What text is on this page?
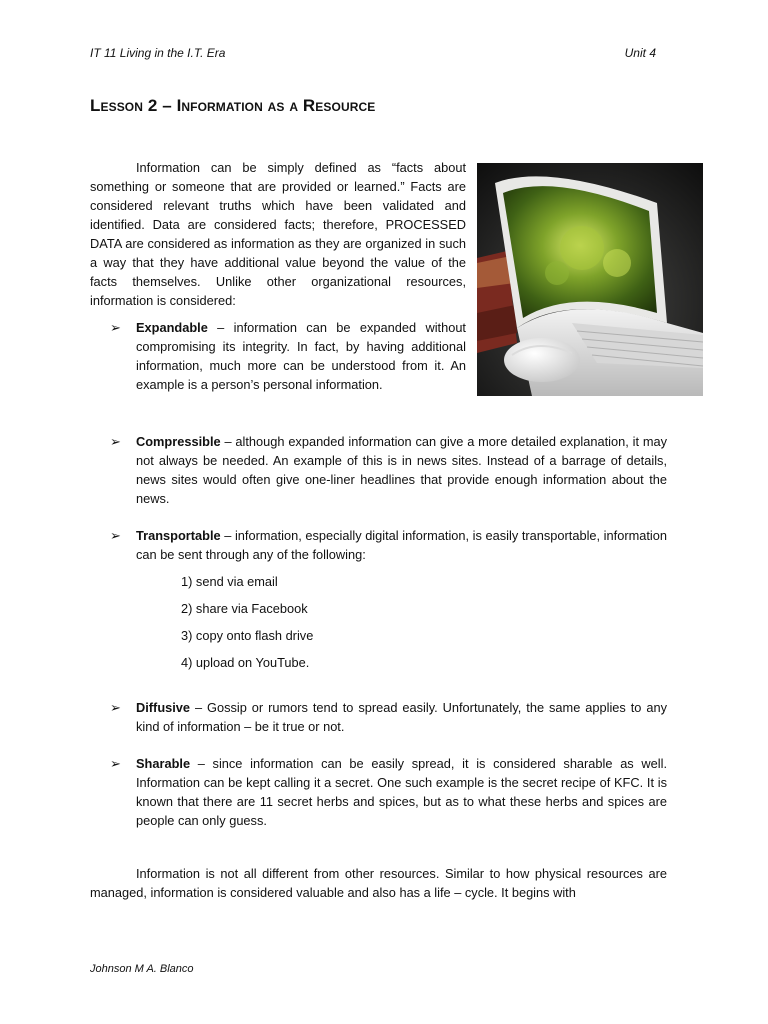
IT 11 Living in the I.T. Era	Unit 4
Lesson 2 – Information as a Resource

Information can be simply defined as “facts about something or someone that are provided or learned.” Facts are considered relevant truths which have been validated and identified. Data are considered facts; therefore, PROCESSED DATA are considered as information as they are organized in such a way that they have additional value beyond the value of the facts themselves. Unlike other organizational resources, information is considered:

➢ Expandable – information can be expanded without compromising its integrity. In fact, by having additional information, much more can be understood from it. An example is a person’s personal information.

➢ Compressible – although expanded information can give a more detailed explanation, it may not always be needed. An example of this is in news sites. Instead of a barrage of details, news sites would often give one-liner headlines that provide enough information about the news.

➢ Transportable – information, especially digital information, is easily transportable, information can be sent through any of the following:

1) send via email
2) share via Facebook
3) copy onto flash drive
4) upload on YouTube.
➢ Diffusive – Gossip or rumors tend to spread easily. Unfortunately, the same applies to any kind of information – be it true or not.

➢ Sharable – since information can be easily spread, it is considered sharable as well. Information can be kept calling it a secret. One such example is the secret recipe of KFC. It is known that there are 11 secret herbs and spices, but as to what these herbs and spices are people can only guess.

Information is not all different from other resources. Similar to how physical resources are managed, information is considered valuable and also has a life – cycle. It begins with

Johnson M A. Blanco
